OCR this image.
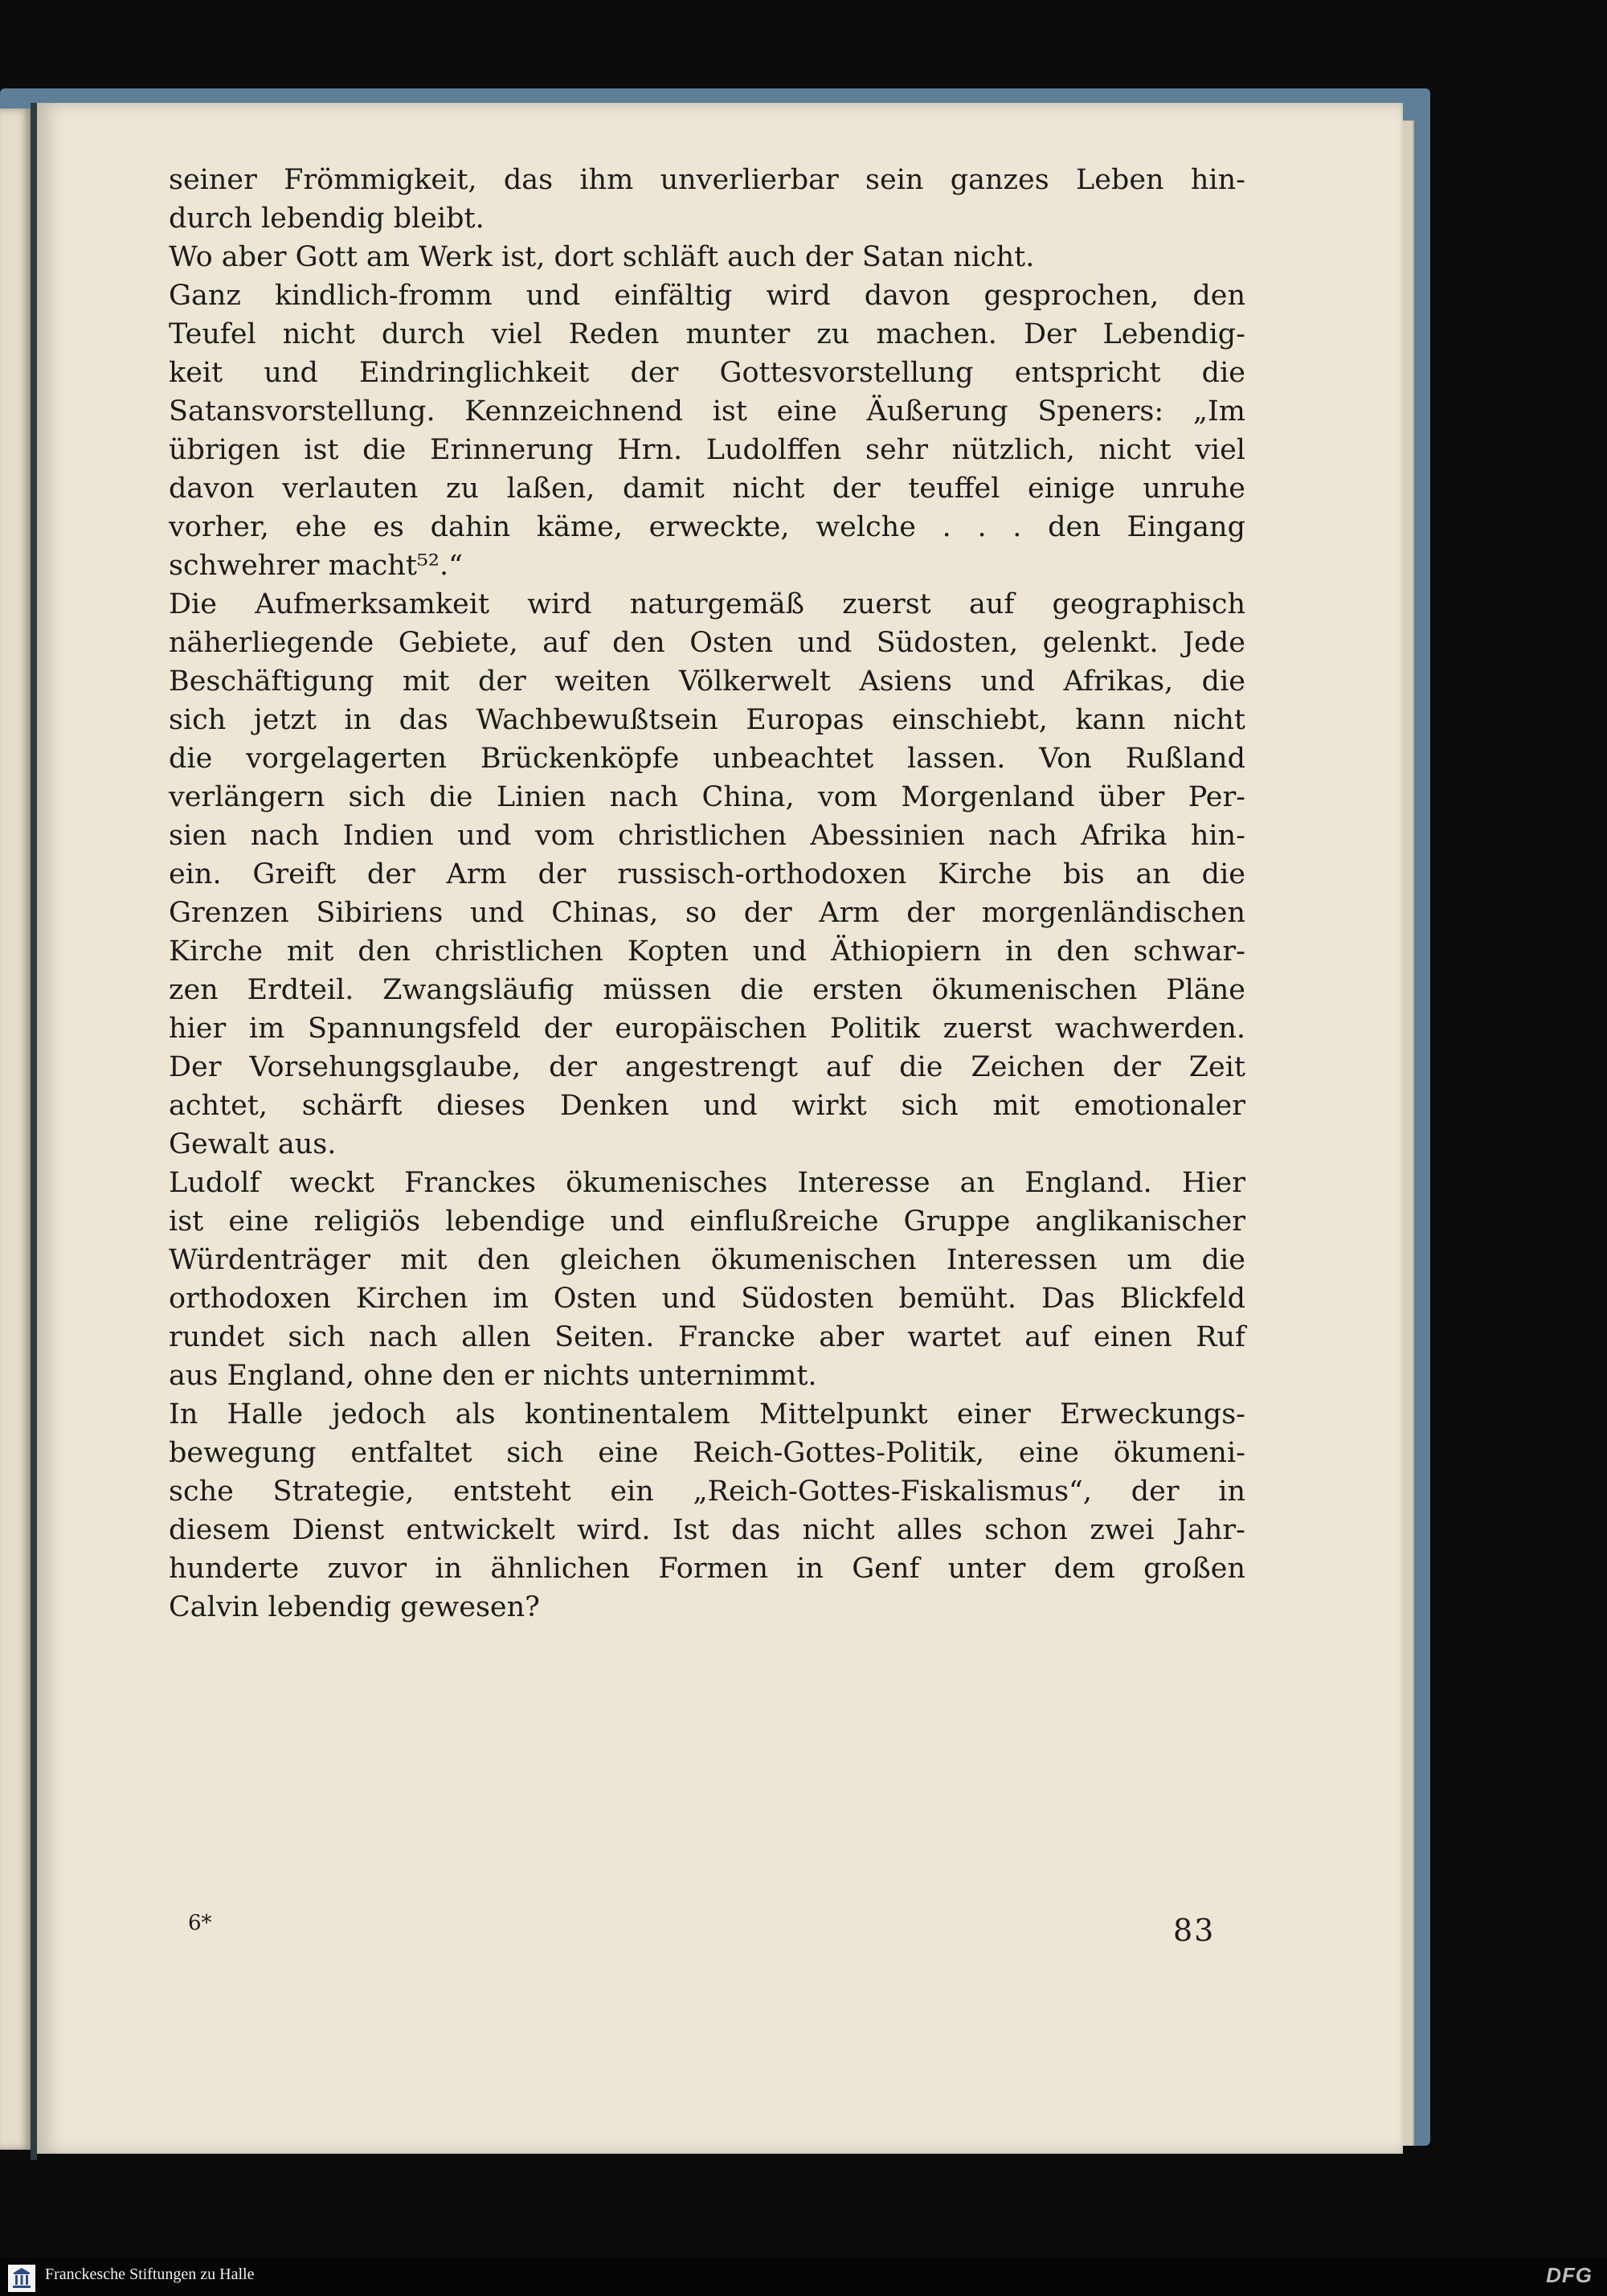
seiner Frömmigkeit, das ihm unverlierbar sein ganzes Leben hin-
durch lebendig bleibt.
Wo aber Gott am Werk ist, dort schläft auch der Satan nicht.
Ganz kindlich-fromm und einfältig wird davon gesprochen, den
Teufel nicht durch viel Reden munter zu machen. Der Lebendig-
keit und Eindringlichkeit der Gottesvorstellung entspricht die
Satansvorstellung. Kennzeichnend ist eine Äußerung Speners: „Im
übrigen ist die Erinnerung Hrn. Ludolffen sehr nützlich, nicht viel
davon verlauten zu laßen, damit nicht der teuffel einige unruhe
vorher, ehe es dahin käme, erweckte, welche . . . den Eingang
schwehrer macht⁵².“
Die Aufmerksamkeit wird naturgemäß zuerst auf geographisch
näherliegende Gebiete, auf den Osten und Südosten, gelenkt. Jede
Beschäftigung mit der weiten Völkerwelt Asiens und Afrikas, die
sich jetzt in das Wachbewußtsein Europas einschiebt, kann nicht
die vorgelagerten Brückenköpfe unbeachtet lassen. Von Rußland
verlängern sich die Linien nach China, vom Morgenland über Per-
sien nach Indien und vom christlichen Abessinien nach Afrika hin-
ein. Greift der Arm der russisch-orthodoxen Kirche bis an die
Grenzen Sibiriens und Chinas, so der Arm der morgenländischen
Kirche mit den christlichen Kopten und Äthiopiern in den schwar-
zen Erdteil. Zwangsläufig müssen die ersten ökumenischen Pläne
hier im Spannungsfeld der europäischen Politik zuerst wachwerden.
Der Vorsehungsglaube, der angestrengt auf die Zeichen der Zeit
achtet, schärft dieses Denken und wirkt sich mit emotionaler
Gewalt aus.
Ludolf weckt Franckes ökumenisches Interesse an England. Hier
ist eine religiös lebendige und einflußreiche Gruppe anglikanischer
Würdenträger mit den gleichen ökumenischen Interessen um die
orthodoxen Kirchen im Osten und Südosten bemüht. Das Blickfeld
rundet sich nach allen Seiten. Francke aber wartet auf einen Ruf
aus England, ohne den er nichts unternimmt.
In Halle jedoch als kontinentalem Mittelpunkt einer Erweckungs-
bewegung entfaltet sich eine Reich-Gottes-Politik, eine ökumeni-
sche Strategie, entsteht ein „Reich-Gottes-Fiskalismus“, der in
diesem Dienst entwickelt wird. Ist das nicht alles schon zwei Jahr-
hunderte zuvor in ähnlichen Formen in Genf unter dem großen
Calvin lebendig gewesen?
6*	83
Franckesche Stiftungen zu Halle	DFG
